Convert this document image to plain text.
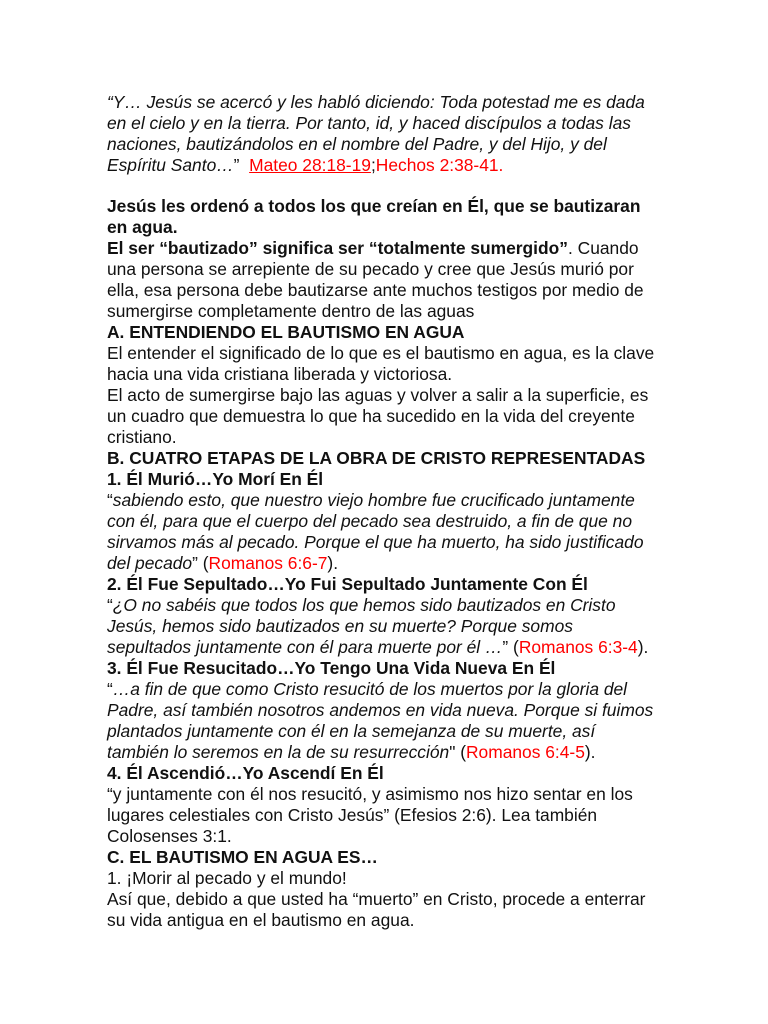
“Y… Jesús se acercó y les habló diciendo: Toda potestad me es dada

en el cielo y en la tierra. Por tanto, id, y haced discípulos a todas las

naciones, bautizándolos en el nombre del Padre, y del Hijo, y del

Espíritu Santo…”  Mateo 28:18-19;Hechos 2:38-41.

Jesús les ordenó a todos los que creían en Él, que se bautizaran

en agua.

El ser “bautizado” significa ser “totalmente sumergido”. Cuando

una persona se arrepiente de su pecado y cree que Jesús murió por

ella, esa persona debe bautizarse ante muchos testigos por medio de

sumergirse completamente dentro de las aguas

A. ENTENDIENDO EL BAUTISMO EN AGUA

El entender el significado de lo que es el bautismo en agua, es la clave

hacia una vida cristiana liberada y victoriosa.

El acto de sumergirse bajo las aguas y volver a salir a la superficie, es

un cuadro que demuestra lo que ha sucedido en la vida del creyente

cristiano.

B. CUATRO ETAPAS DE LA OBRA DE CRISTO REPRESENTADAS

1. Él Murió…Yo Morí En Él

“sabiendo esto, que nuestro viejo hombre fue crucificado juntamente

con él, para que el cuerpo del pecado sea destruido, a fin de que no

sirvamos más al pecado. Porque el que ha muerto, ha sido justificado

del pecado” (Romanos 6:6-7).

2. Él Fue Sepultado…Yo Fui Sepultado Juntamente Con Él

“¿O no sabéis que todos los que hemos sido bautizados en Cristo

Jesús, hemos sido bautizados en su muerte? Porque somos

sepultados juntamente con él para muerte por él …” (Romanos 6:3-4).

3. Él Fue Resucitado…Yo Tengo Una Vida Nueva En Él

“…a fin de que como Cristo resucitó de los muertos por la gloria del

Padre, así también nosotros andemos en vida nueva. Porque si fuimos

plantados juntamente con él en la semejanza de su muerte, así

también lo seremos en la de su resurrección" (Romanos 6:4-5).

4. Él Ascendió…Yo Ascendí En Él

“y juntamente con él nos resucitó, y asimismo nos hizo sentar en los

lugares celestiales con Cristo Jesús” (Efesios 2:6). Lea también

Colosenses 3:1.

C. EL BAUTISMO EN AGUA ES…

1. ¡Morir al pecado y el mundo!

Así que, debido a que usted ha “muerto” en Cristo, procede a enterrar

su vida antigua en el bautismo en agua.
